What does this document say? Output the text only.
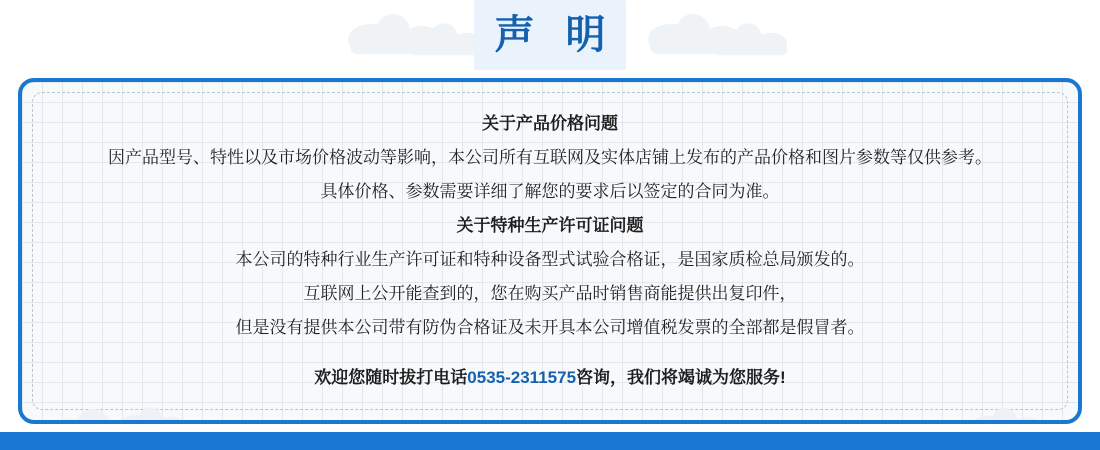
声 明
关于产品价格问题
因产品型号、特性以及市场价格波动等影响，本公司所有互联网及实体店铺上发布的产品价格和图片参数等仅供参考。
具体价格、参数需要详细了解您的要求后以签定的合同为准。
关于特种生产许可证问题
本公司的特种行业生产许可证和特种设备型式试验合格证，是国家质检总局颁发的。
互联网上公开能查到的，您在购买产品时销售商能提供出复印件，
但是没有提供本公司带有防伪合格证及未开具本公司增值税发票的全部都是假冒者。
欢迎您随时拔打电话0535-2311575咨询，我们将竭诚为您服务!
